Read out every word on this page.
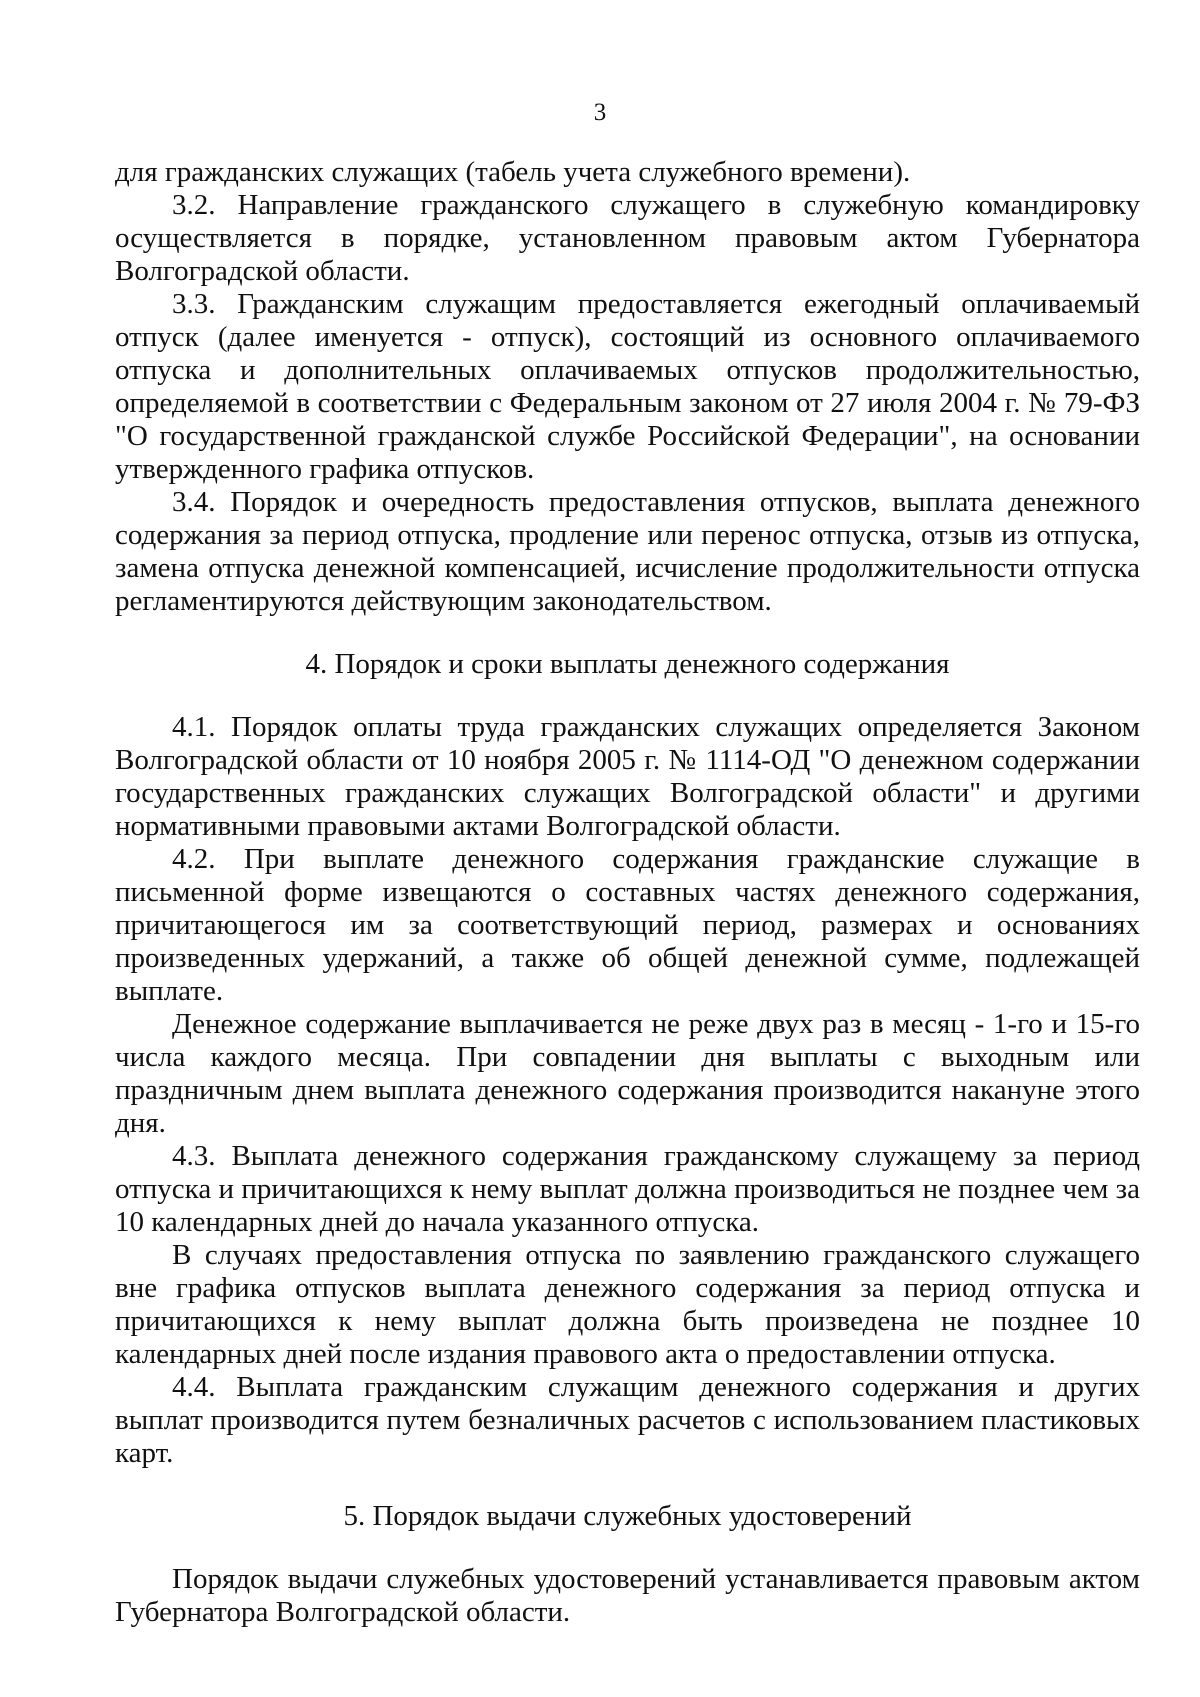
3

для гражданских служащих (табель учета служебного времени).

3.2. Направление гражданского служащего в служебную командировку осуществляется в порядке, установленном правовым актом Губернатора Волгоградской области.

3.3. Гражданским служащим предоставляется ежегодный оплачиваемый отпуск (далее именуется - отпуск), состоящий из основного оплачиваемого отпуска и дополнительных оплачиваемых отпусков продолжительностью, определяемой в соответствии с Федеральным законом от 27 июля 2004 г. № 79-ФЗ "О государственной гражданской службе Российской Федерации", на основании утвержденного графика отпусков.

3.4. Порядок и очередность предоставления отпусков, выплата денежного содержания за период отпуска, продление или перенос отпуска, отзыв из отпуска, замена отпуска денежной компенсацией, исчисление продолжительности отпуска регламентируются действующим законодательством.

4. Порядок и сроки выплаты денежного содержания

4.1. Порядок оплаты труда гражданских служащих определяется Законом Волгоградской области от 10 ноября 2005 г. № 1114-ОД "О денежном содержании государственных гражданских служащих Волгоградской области" и другими нормативными правовыми актами Волгоградской области.

4.2. При выплате денежного содержания гражданские служащие в письменной форме извещаются о составных частях денежного содержания, причитающегося им за соответствующий период, размерах и основаниях произведенных удержаний, а также об общей денежной сумме, подлежащей выплате.

Денежное содержание выплачивается не реже двух раз в месяц - 1-го и 15-го числа каждого месяца. При совпадении дня выплаты с выходным или праздничным днем выплата денежного содержания производится накануне этого дня.

4.3. Выплата денежного содержания гражданскому служащему за период отпуска и причитающихся к нему выплат должна производиться не позднее чем за 10 календарных дней до начала указанного отпуска.

В случаях предоставления отпуска по заявлению гражданского служащего вне графика отпусков выплата денежного содержания за период отпуска и причитающихся к нему выплат должна быть произведена не позднее 10 календарных дней после издания правового акта о предоставлении отпуска.

4.4. Выплата гражданским служащим денежного содержания и других выплат производится путем безналичных расчетов с использованием пластиковых карт.

5. Порядок выдачи служебных удостоверений

Порядок выдачи служебных удостоверений устанавливается правовым актом Губернатора Волгоградской области.
